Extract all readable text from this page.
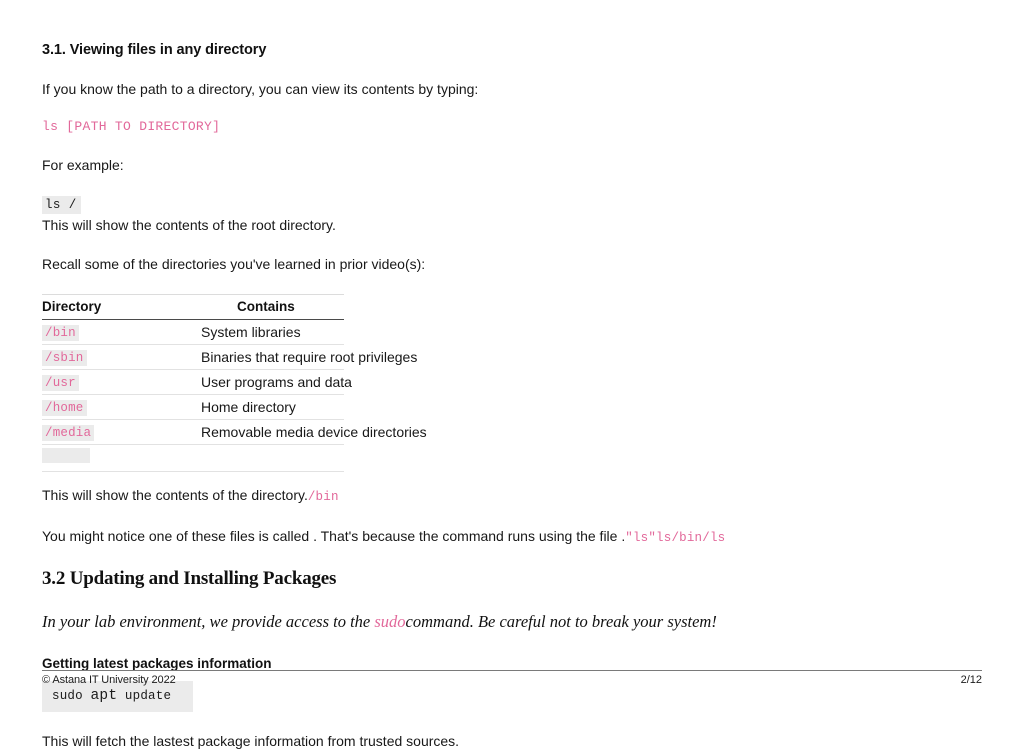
3.1. Viewing files in any directory

If you know the path to a directory, you can view its contents by typing:

ls [PATH TO DIRECTORY]

For example:

ls /

This will show the contents of the root directory.

Recall some of the directories you've learned in prior video(s):

Directory	Contains
/bin	System libraries
/sbin	Binaries that require root privileges
/usr	User programs and data
/home	Home directory
/media	Removable media device directories

This will show the contents of the directory./bin

You might notice one of these files is called . That's because the command runs using the file ."ls"ls/bin/ls

3.2 Updating and Installing Packages

In your lab environment, we provide access to the sudocommand. Be careful not to break your system!

Getting latest packages information
sudo apt update

This will fetch the lastest package information from trusted sources.

© Astana IT University 2022	2/12
